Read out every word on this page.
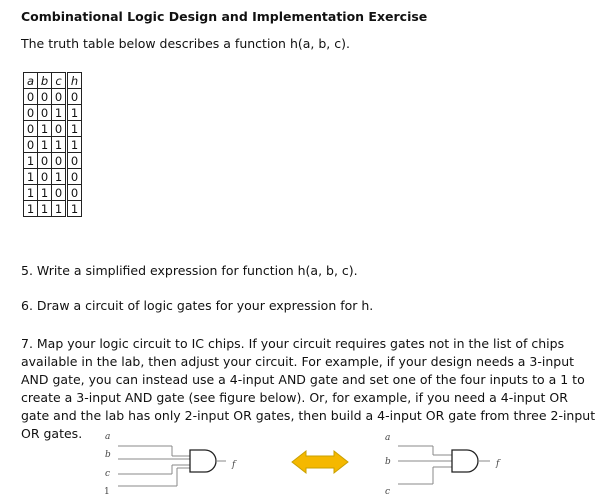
Combinational Logic Design and Implementation Exercise
The truth table below describes a function h(a, b, c).
a	b	c	h
0	0	0	0
0	0	1	1
0	1	0	1
0	1	1	1
1	0	0	0
1	0	1	0
1	1	0	0
1	1	1	1
5. Write a simplified expression for function h(a, b, c).
6. Draw a circuit of logic gates for your expression for h.
7. Map your logic circuit to IC chips. If your circuit requires gates not in the list of chips available in the lab, then adjust your circuit. For example, if your design needs a 3-input AND gate, you can instead use a 4-input AND gate and set one of the four inputs to a 1 to create a 3-input AND gate (see figure below). Or, for example, if you need a 4-input OR gate and the lab has only 2-input OR gates, then build a 4-input OR gate from three 2-input OR gates.	a
b
c
1
f
a
b
c
f
